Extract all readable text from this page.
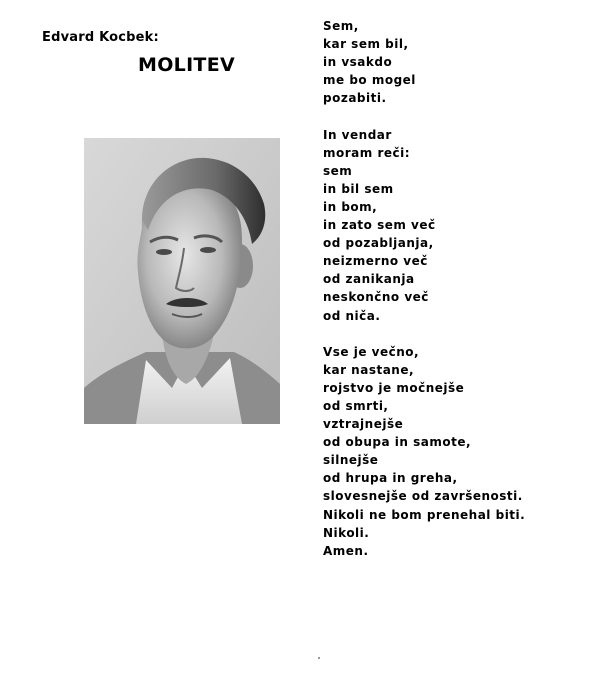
Edvard Kocbek:
MOLITEV
Sem,
kar sem bil,
in vsakdo
me bo mogel
pozabiti.
In vendar
moram reči:
sem
in bil sem
in bom,
in zato sem več
od pozabljanja,
neizmerno več
od zanikanja
neskončno več
od niča.
Vse je večno,
kar nastane,
rojstvo je močnejše
od smrti,
vztrajnejše
od obupa in samote,
silnejše
od hrupa in greha,
slovesnejše od završenosti.
Nikoli ne bom prenehal biti.
Nikoli.
Amen.
